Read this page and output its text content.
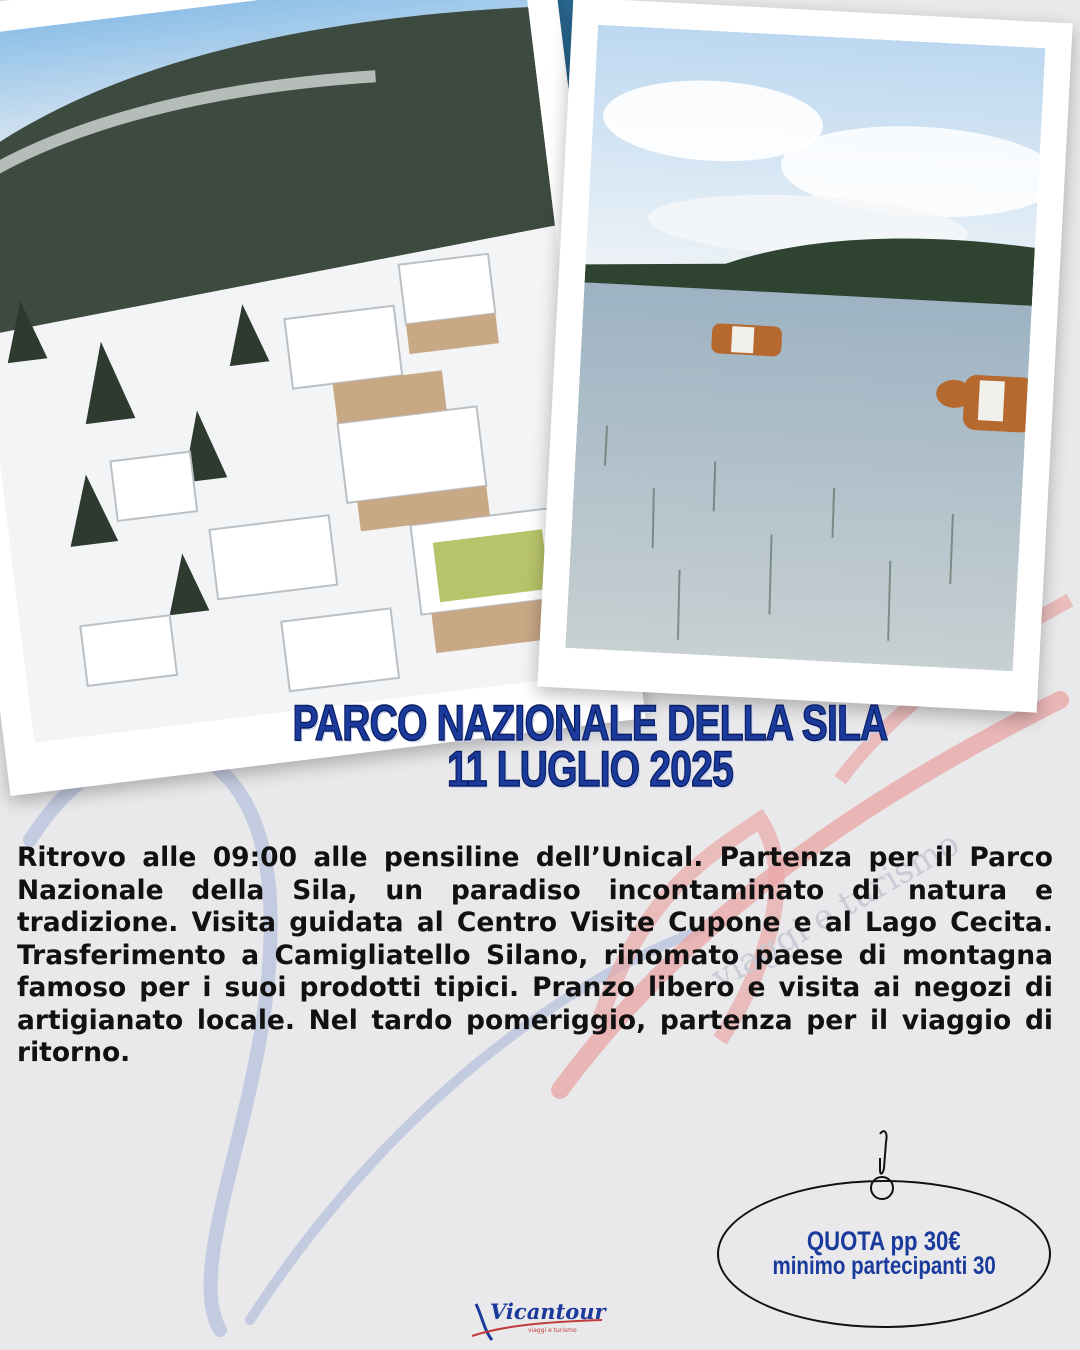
viaggi e turismo
PARCO NAZIONALE DELLA SILA
11 LUGLIO 2025

Ritrovo alle 09:00 alle pensiline dell’Unical. Partenza per il Parco Nazionale della Sila, un paradiso incontaminato di natura e tradizione. Visita guidata al Centro Visite Cupone e al Lago Cecita. Trasferimento a Camigliatello Silano, rinomato paese di montagna famoso per i suoi prodotti tipici. Pranzo libero e visita ai negozi di artigianato locale. Nel tardo pomeriggio, partenza per il viaggio di ritorno.

QUOTA pp 30€
minimo partecipanti 30
Vicantour
viaggi e turismo
